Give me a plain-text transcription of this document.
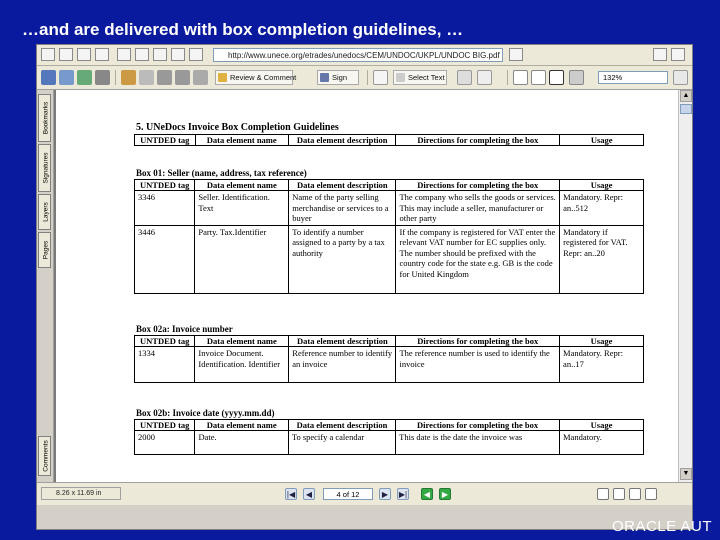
…and are delivered with box completion guidelines, …
http://www.unece.org/etrades/unedocs/CEM/UNDOC/UKPL/UNDOC BIG.pdf
Review & Comment	Sign	Select Text	132%
Bookmarks
Signatures
Layers
Pages
Comments
5. UNeDocs Invoice Box Completion Guidelines
UNTDED tag	Data element name	Data element description	Directions for completing the box	Usage
Box 01: Seller (name, address, tax reference)
UNTDED tag	Data element name	Data element description	Directions for completing the box	Usage
3346	Seller. Identification. Text	Name of the party selling merchandise or services to a buyer	The company who sells the goods or services. This may include a seller, manufacturer or other party	Mandatory. Repr: an..512
3446	Party. Tax.Identifier	To identify a number assigned to a party by a tax authority	If the company is registered for VAT enter the relevant VAT number for EC supplies only. The number should be prefixed with the country code for the state e.g. GB is the code for United Kingdom	Mandatory if registered for VAT. Repr: an..20
Box 02a: Invoice number
UNTDED tag	Data element name	Data element description	Directions for completing the box	Usage
1334	Invoice Document. Identification. Identifier	Reference number to identify an invoice	The reference number is used to identify the invoice	Mandatory. Repr: an..17
Box 02b: Invoice date (yyyy.mm.dd)
UNTDED tag	Data element name	Data element description	Directions for completing the box	Usage
2000	Date.	To specify a calendar	This date is the date the invoice was	Mandatory.
▲
▼
8.26 x 11.69 in	|◀	◀	4 of 12	▶	▶|	◀	▶
ORACLE AUT
